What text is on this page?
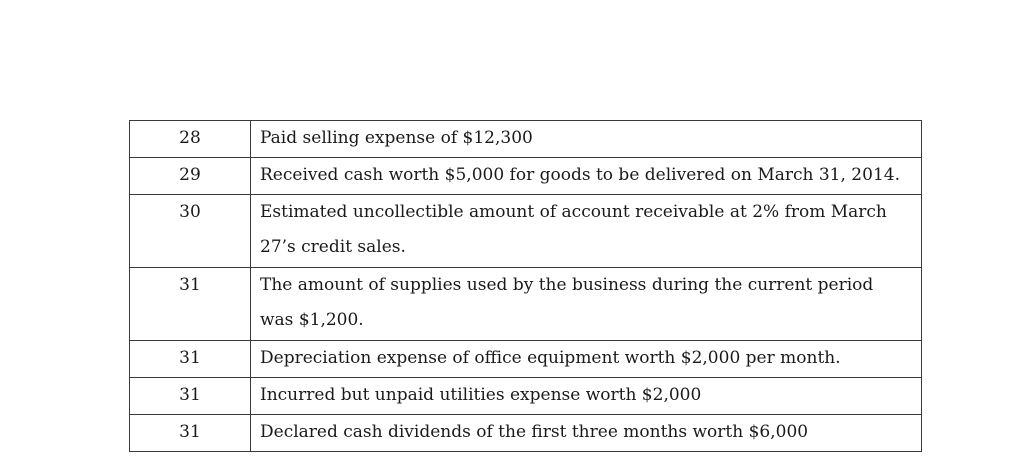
28	Paid selling expense of $12,300
29	Received cash worth $5,000 for goods to be delivered on March 31, 2014.
30	Estimated uncollectible amount of account receivable at 2% from March 27’s credit sales.
31	The amount of supplies used by the business during the current period was $1,200.
31	Depreciation expense of office equipment worth $2,000 per month.
31	Incurred but unpaid utilities expense worth $2,000
31	Declared cash dividends of the first three months worth $6,000
